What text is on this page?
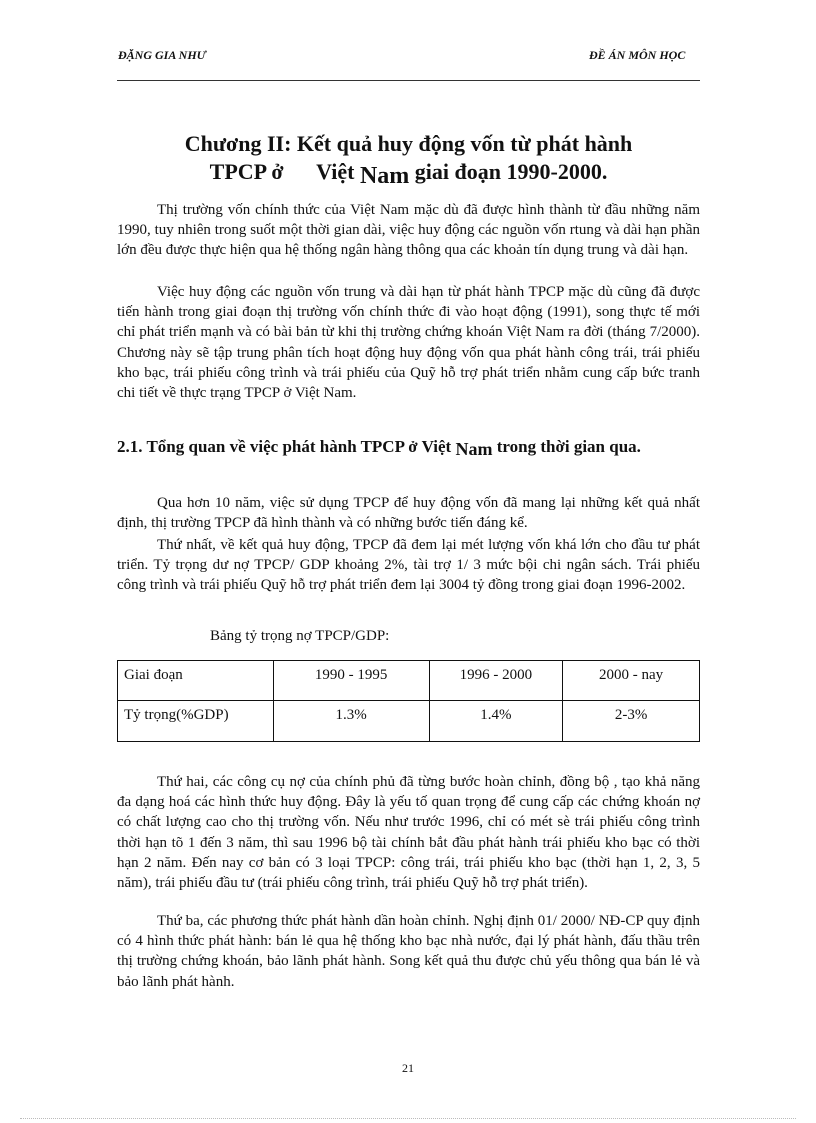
ĐẶNG GIA NHƯ	ĐỀ ÁN MÔN HỌC
Chương II: Kết quả huy động vốn từ phát hành
TPCP ở      Việt Nam giai đoạn 1990-2000.

Thị trường vốn chính thức của Việt Nam mặc dù đã được hình thành từ đầu những năm 1990, tuy nhiên trong suốt một thời gian dài, việc huy động các nguồn vốn rtung và dài hạn phần lớn đều được thực hiện qua hệ thống ngân hàng thông qua các khoản tín dụng trung và dài hạn.

Việc huy động các nguồn vốn trung và dài hạn từ phát hành TPCP mặc dù cũng đã được tiến hành trong giai đoạn thị trường vốn chính thức đi vào hoạt động (1991), song thực tế mới chỉ phát triển mạnh và có bài bản từ khi thị trường chứng khoán Việt Nam ra đời (tháng 7/2000). Chương này sẽ tập trung phân tích hoạt động huy động vốn qua phát hành công trái, trái phiếu kho bạc, trái phiếu công trình và trái phiếu của Quỹ hỗ trợ phát triển nhằm cung cấp bức tranh chi tiết về thực trạng TPCP ở Việt Nam.

2.1. Tổng quan về việc phát hành TPCP ở Việt Nam trong thời gian qua.

Qua hơn 10 năm, việc sử dụng TPCP để huy động vốn đã mang lại những kết quả nhất định, thị trường TPCP đã hình thành và có những bước tiến đáng kể.

Thứ nhất, về kết quả huy động, TPCP đã đem lại mét lượng vốn khá lớn cho đầu tư phát triển. Tỷ trọng dư nợ TPCP/ GDP khoảng 2%, tài trợ 1/ 3 mức bội chi ngân sách. Trái phiếu công trình và trái phiếu Quỹ hỗ trợ phát triển đem lại 3004 tỷ đồng trong giai đoạn 1996-2002.

Bảng tỷ trọng nợ TPCP/GDP:
Giai đoạn	1990 - 1995	1996 - 2000	2000 - nay
Tỷ trọng(%GDP)	1.3%	1.4%	2-3%

Thứ hai, các công cụ nợ của chính phủ đã từng bước hoàn chỉnh, đồng bộ , tạo khả năng đa dạng hoá các hình thức huy động. Đây là yếu tố quan trọng để cung cấp các chứng khoán nợ có chất lượng cao cho thị trường vốn. Nếu như trước 1996, chỉ có mét sè trái phiếu công trình thời hạn tõ 1 đến 3 năm, thì sau 1996 bộ tài chính bắt đầu phát hành trái phiếu kho bạc có thời hạn 2 năm. Đến nay cơ bản có 3 loại TPCP: công trái, trái phiếu kho bạc (thời hạn 1, 2, 3, 5 năm), trái phiếu đầu tư (trái phiếu công trình, trái phiếu Quỹ hỗ trợ phát triển).

Thứ ba, các phương thức phát hành dần hoàn chỉnh. Nghị định 01/ 2000/ NĐ-CP quy định có 4 hình thức phát hành: bán lẻ qua hệ thống kho bạc nhà nước, đại lý phát hành, đấu thầu trên thị trường chứng khoán, bảo lãnh phát hành. Song kết quả thu được chủ yếu thông qua bán lẻ và bảo lãnh phát hành.

21
